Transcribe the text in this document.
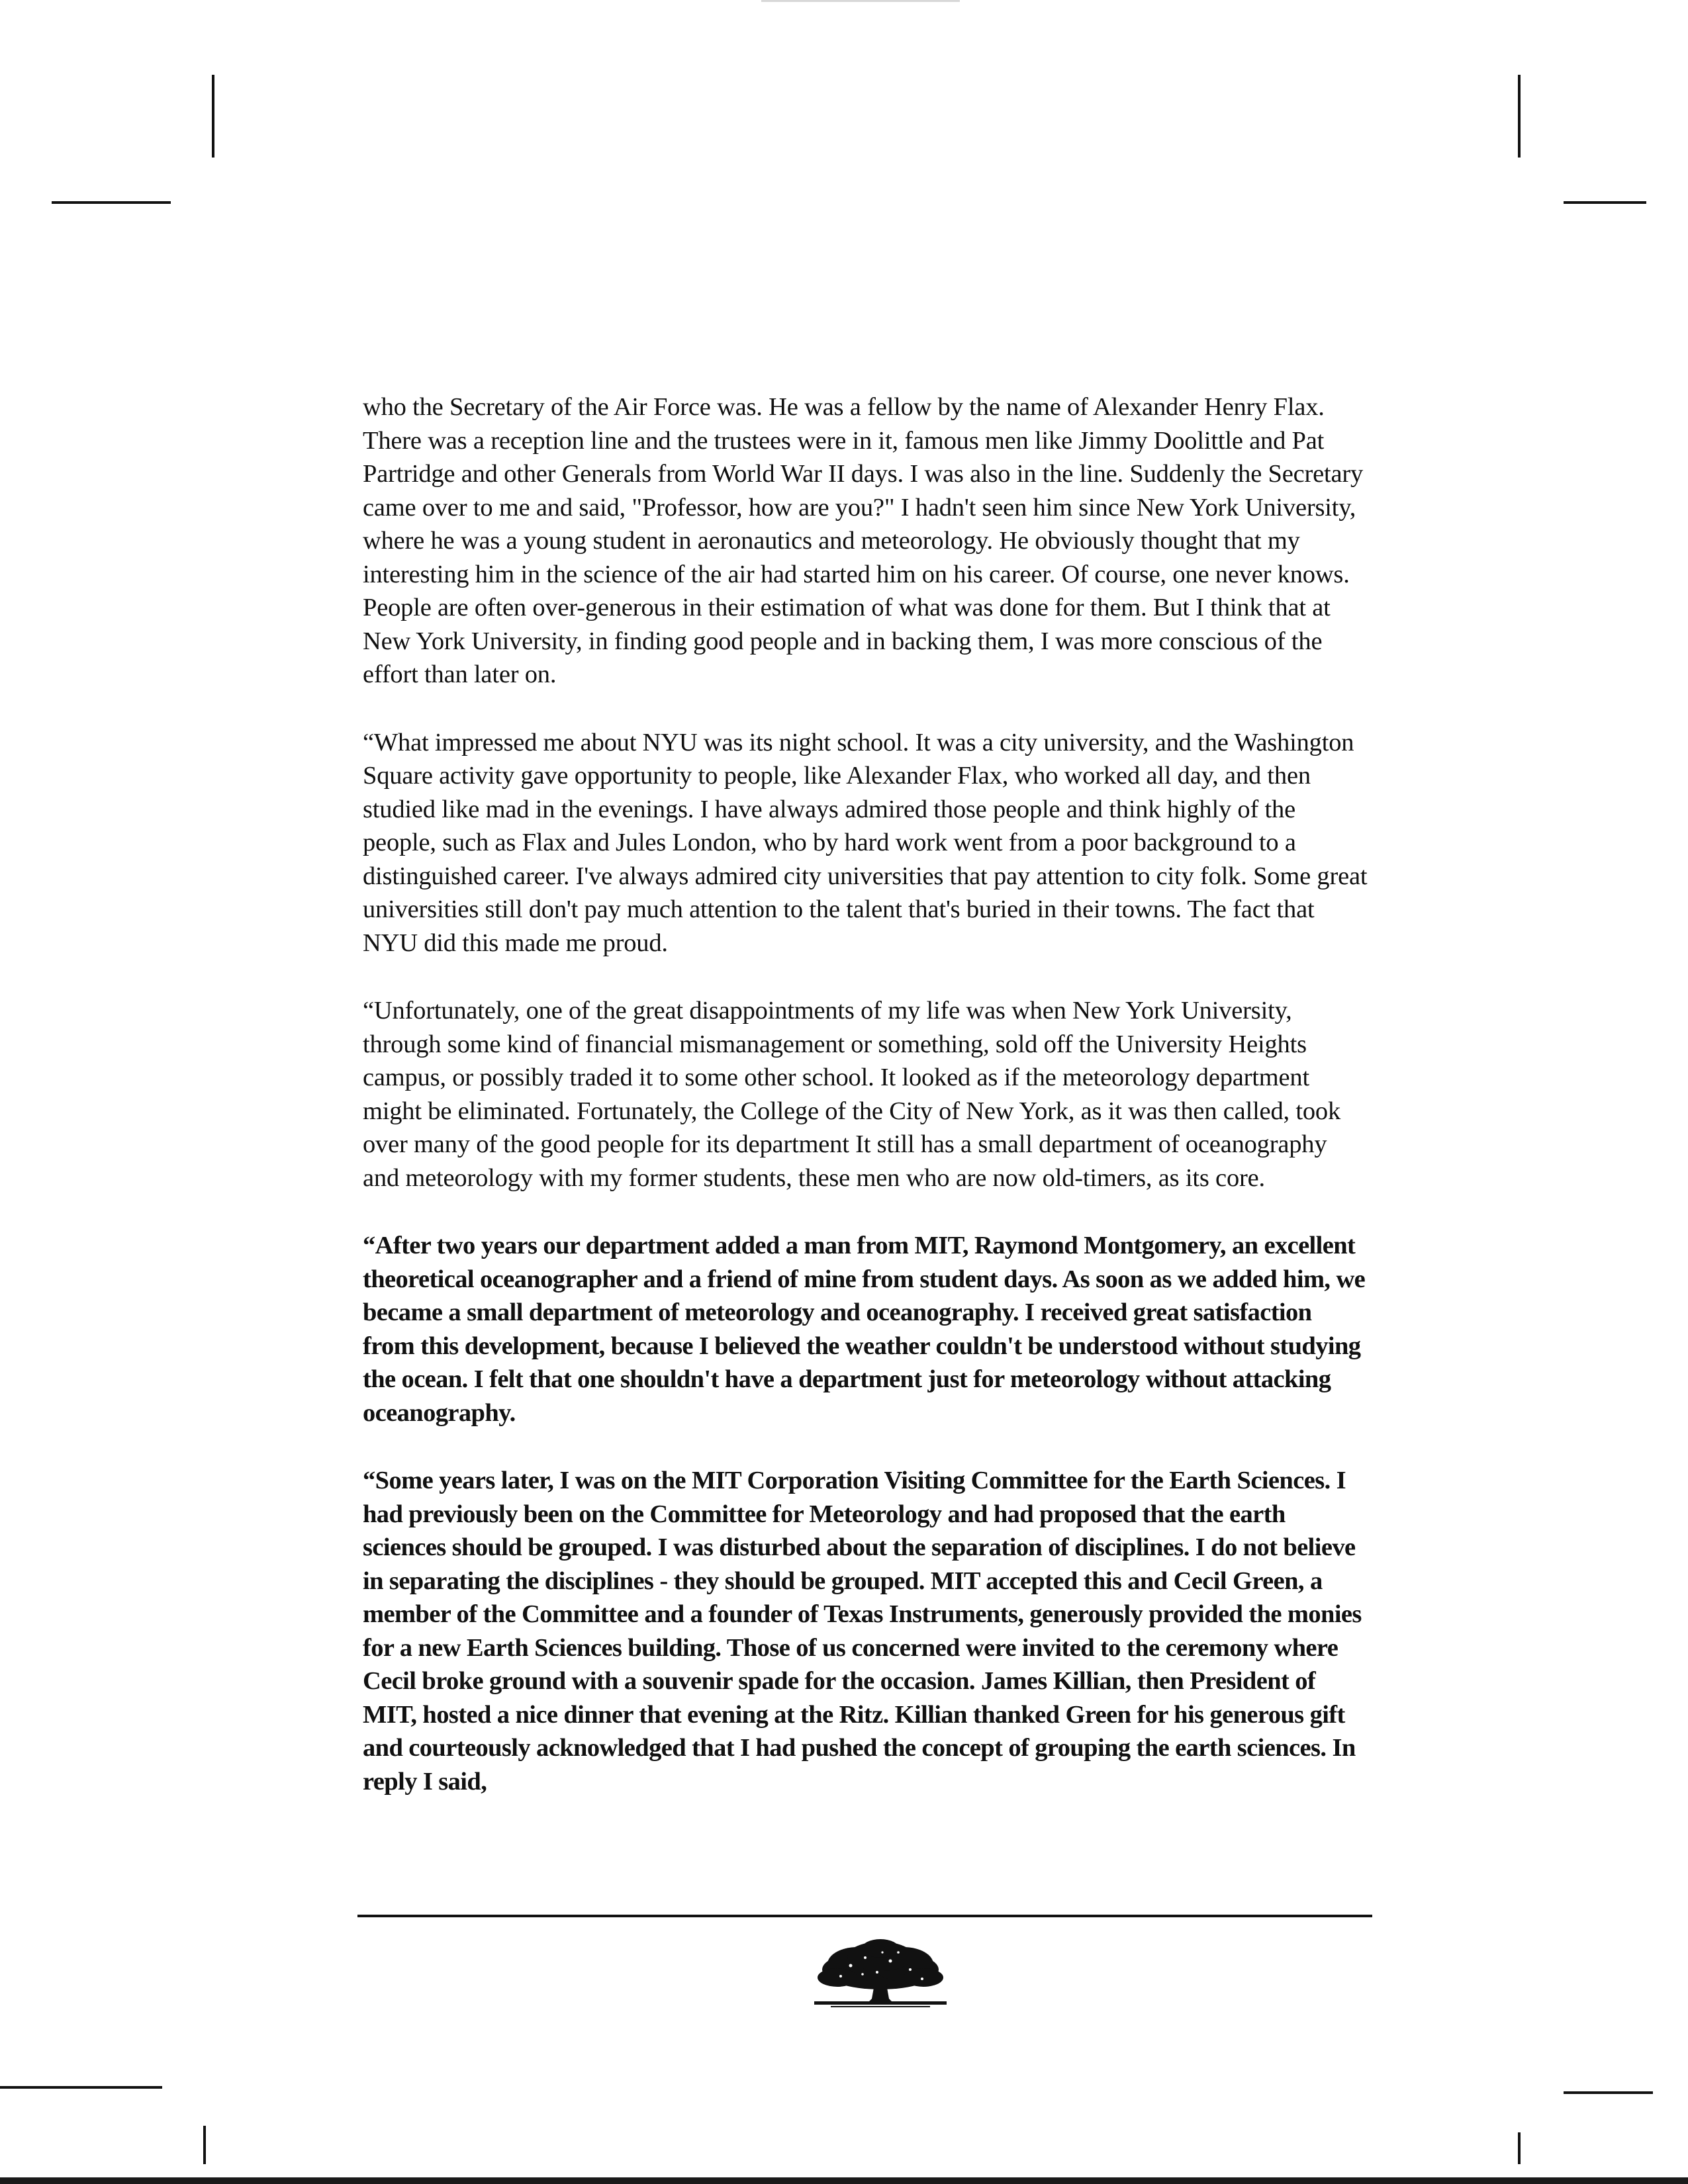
who the Secretary of the Air Force was. He was a fellow by the name of Alexander Henry Flax. There was a reception line and the trustees were in it, famous men like Jimmy Doolittle and Pat Partridge and other Generals from World War II days. I was also in the line. Suddenly the Secretary came over to me and said, "Professor, how are you?" I hadn't seen him since New York University, where he was a young student in aeronautics and meteorology. He obviously thought that my interesting him in the science of the air had started him on his career. Of course, one never knows. People are often over-generous in their estimation of what was done for them. But I think that at New York University, in finding good people and in backing them, I was more conscious of the effort than later on.

“What impressed me about NYU was its night school. It was a city university, and the Washington Square activity gave opportunity to people, like Alexander Flax, who worked all day, and then studied like mad in the evenings. I have always admired those people and think highly of the people, such as Flax and Jules London, who by hard work went from a poor background to a distinguished career. I've always admired city universities that pay attention to city folk. Some great universities still don't pay much attention to the talent that's buried in their towns. The fact that NYU did this made me proud.

“Unfortunately, one of the great disappointments of my life was when New York University, through some kind of financial mismanagement or something, sold off the University Heights campus, or possibly traded it to some other school. It looked as if the meteorology department might be eliminated. Fortunately, the College of the City of New York, as it was then called, took over many of the good people for its department It still has a small department of oceanography and meteorology with my former students, these men who are now old-timers, as its core.

“After two years our department added a man from MIT, Raymond Montgomery, an excellent theoretical oceanographer and a friend of mine from student days. As soon as we added him, we became a small department of meteorology and oceanography. I received great satisfaction from this development, because I believed the weather couldn't be understood without studying the ocean. I felt that one shouldn't have a department just for meteorology without attacking oceanography.

“Some years later, I was on the MIT Corporation Visiting Committee for the Earth Sciences. I had previously been on the Committee for Meteorology and had proposed that the earth sciences should be grouped. I was disturbed about the separation of disciplines. I do not believe in separating the disciplines - they should be grouped. MIT accepted this and Cecil Green, a member of the Committee and a founder of Texas Instruments, generously provided the monies for a new Earth Sciences building. Those of us concerned were invited to the ceremony where Cecil broke ground with a souvenir spade for the occasion. James Killian, then President of MIT, hosted a nice dinner that evening at the Ritz. Killian thanked Green for his generous gift and courteously acknowledged that I had pushed the concept of grouping the earth sciences. In reply I said,
